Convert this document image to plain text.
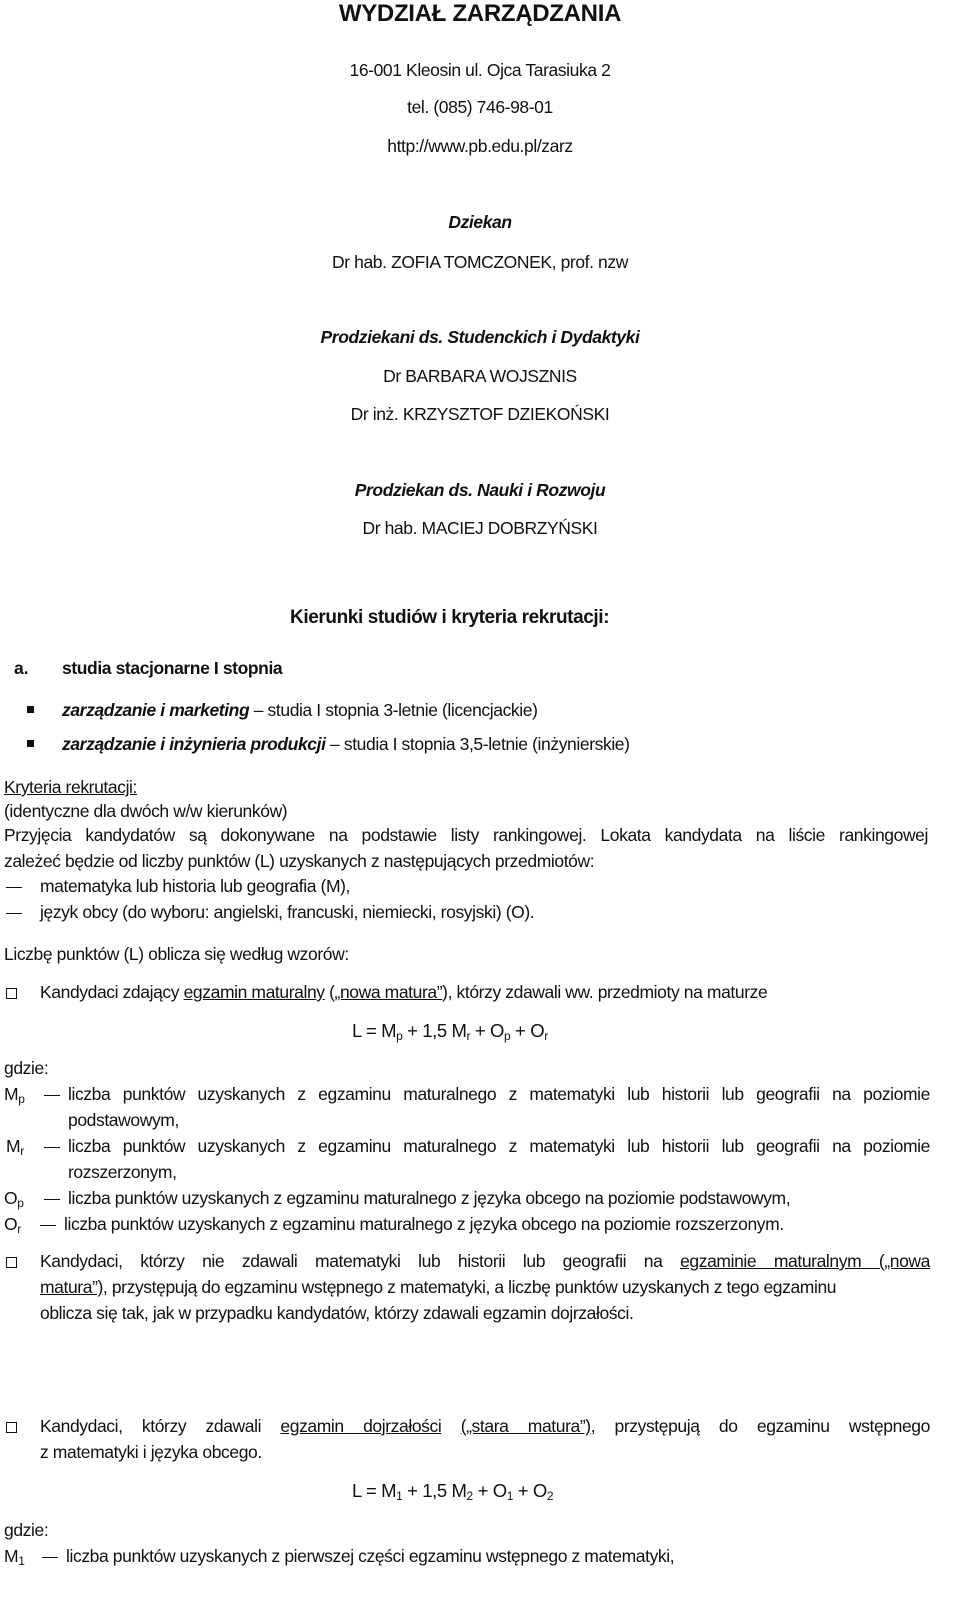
WYDZIAŁ ZARZĄDZANIA
16-001 Kleosin ul. Ojca Tarasiuka 2
tel. (085) 746-98-01
http://www.pb.edu.pl/zarz
Dziekan
Dr hab. ZOFIA TOMCZONEK, prof. nzw
Prodziekani ds. Studenckich i Dydaktyki
Dr BARBARA WOJSZNIS
Dr inż. KRZYSZTOF DZIEKOŃSKI
Prodziekan ds. Nauki i Rozwoju
Dr hab. MACIEJ DOBRZYŃSKI
Kierunki studiów i kryteria rekrutacji:
a. studia stacjonarne I stopnia
zarządzanie i marketing – studia I stopnia 3-letnie (licencjackie)
zarządzanie i inżynieria produkcji – studia I stopnia 3,5-letnie (inżynierskie)
Kryteria rekrutacji:
(identyczne dla dwóch w/w kierunków)
Przyjęcia kandydatów są dokonywane na podstawie listy rankingowej. Lokata kandydata na liście rankingowej
zależeć będzie od liczby punktów (L) uzyskanych z następujących przedmiotów:
matematyka lub historia lub geografia (M),
język obcy (do wyboru: angielski, francuski, niemiecki, rosyjski) (O).
Liczbę punktów (L) oblicza się według wzorów:
Kandydaci zdający egzamin maturalny („nowa matura”), którzy zdawali ww. przedmioty na maturze
$L = M_p + 1,5$ $M_r + O_p + O_r$
gdzie:
$M_p$ liczba punktów uzyskanych z egzaminu maturalnego z matematyki lub historii lub geografii na poziomie
podstawowym,
$M_r$	liczba punktów uzyskanych z egzaminu maturalnego z matematyki lub historii lub geografii na poziomie
rozszerzonym,
$O_p$	liczba punktów uzyskanych z egzaminu maturalnego z języka obcego na poziomie podstawowym,
$O_r$ liczba punktów uzyskanych z egzaminu maturalnego z języka obcego na poziomie rozszerzonym.
Kandydaci, którzy nie zdawali matematyki lub historii lub geografii na egzaminie maturalnym („nowa
matura”), przystępują do egzaminu wstępnego z matematyki, a liczbę punktów uzyskanych z tego egzaminu
oblicza się tak, jak w przypadku kandydatów, którzy zdawali egzamin dojrzałości.
Kandydaci, którzy zdawali egzamin dojrzałości („stara matura”), przystępują do egzaminu wstępnego
z matematyki i języka obcego.
$L = M_1 + 1,5$ $M_2 + O_1 + O_2$
gdzie:
$M_1$ liczba punktów uzyskanych z pierwszej części egzaminu wstępnego z matematyki,
